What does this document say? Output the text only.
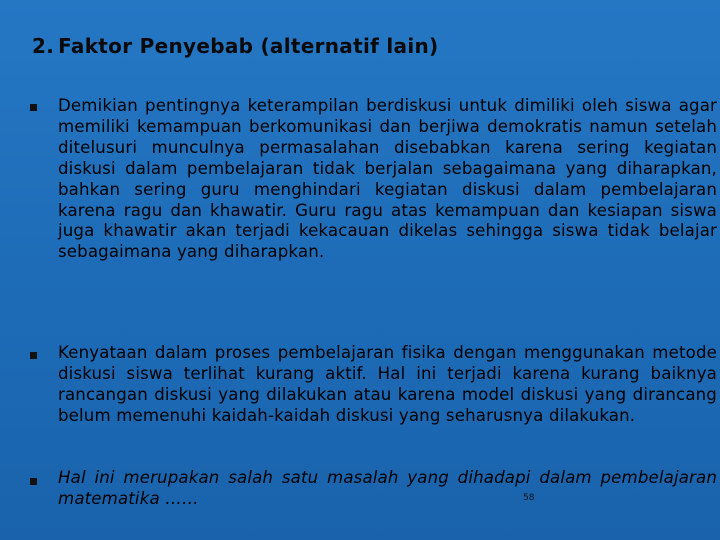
2. Faktor Penyebab (alternatif lain)
Demikian pentingnya keterampilan berdiskusi untuk dimiliki oleh siswa agar memiliki kemampuan berkomunikasi dan berjiwa demokratis namun setelah ditelusuri munculnya permasalahan disebabkan karena sering kegiatan diskusi dalam pembelajaran tidak berjalan sebagaimana yang diharapkan, bahkan sering guru menghindari kegiatan diskusi dalam pembelajaran karena ragu dan khawatir. Guru ragu atas kemampuan dan kesiapan siswa juga khawatir akan terjadi kekacauan dikelas sehingga siswa tidak belajar sebagaimana yang diharapkan.
Kenyataan dalam proses pembelajaran fisika dengan menggunakan metode diskusi siswa terlihat kurang aktif. Hal ini terjadi karena kurang baiknya rancangan diskusi yang dilakukan atau karena model diskusi yang dirancang belum memenuhi kaidah-kaidah diskusi yang seharusnya dilakukan.
Hal ini merupakan salah satu masalah yang dihadapi dalam pembelajaran matematika ……	58
